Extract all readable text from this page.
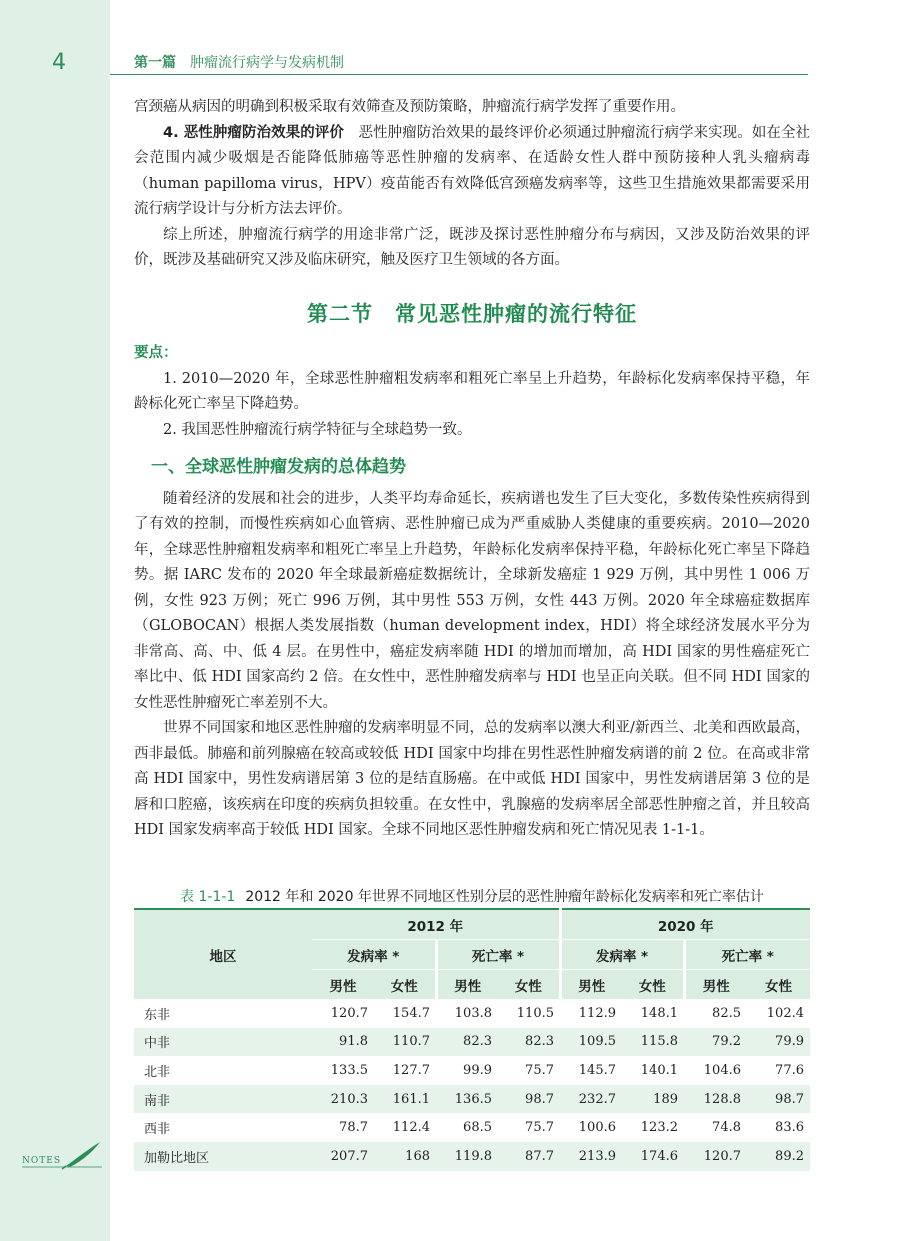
4	第一篇 肿瘤流行病学与发病机制

宫颈癌从病因的明确到积极采取有效筛查及预防策略，肿瘤流行病学发挥了重要作用。

4. 恶性肿瘤防治效果的评价　 恶性肿瘤防治效果的最终评价必须通过肿瘤流行病学来实现。如在全社会范围内减少吸烟是否能降低肺癌等恶性肿瘤的发病率、在适龄女性人群中预防接种人乳头瘤病毒（human papilloma virus，HPV）疫苗能否有效降低宫颈癌发病率等，这些卫生措施效果都需要采用流行病学设计与分析方法去评价。

综上所述，肿瘤流行病学的用途非常广泛，既涉及探讨恶性肿瘤分布与病因，又涉及防治效果的评价，既涉及基础研究又涉及临床研究，触及医疗卫生领域的各方面。

第二节　常见恶性肿瘤的流行特征
要点：

1. 2010—2020 年，全球恶性肿瘤粗发病率和粗死亡率呈上升趋势，年龄标化发病率保持平稳，年龄标化死亡率呈下降趋势。

2. 我国恶性肿瘤流行病学特征与全球趋势一致。

一、全球恶性肿瘤发病的总体趋势

随着经济的发展和社会的进步，人类平均寿命延长，疾病谱也发生了巨大变化，多数传染性疾病得到了有效的控制，而慢性疾病如心血管病、恶性肿瘤已成为严重威胁人类健康的重要疾病。2010—2020 年，全球恶性肿瘤粗发病率和粗死亡率呈上升趋势，年龄标化发病率保持平稳，年龄标化死亡率呈下降趋势。据 IARC 发布的 2020 年全球最新癌症数据统计，全球新发癌症 1 929 万例，其中男性 1 006 万例，女性 923 万例；死亡 996 万例，其中男性 553 万例，女性 443 万例。2020 年全球癌症数据库（GLOBOCAN）根据人类发展指数（human development index，HDI）将全球经济发展水平分为非常高、高、中、低 4 层。在男性中，癌症发病率随 HDI 的增加而增加，高 HDI 国家的男性癌症死亡率比中、低 HDI 国家高约 2 倍。在女性中，恶性肿瘤发病率与 HDI 也呈正向关联。但不同 HDI 国家的女性恶性肿瘤死亡率差别不大。

世界不同国家和地区恶性肿瘤的发病率明显不同，总的发病率以澳大利亚/新西兰、北美和西欧最高，西非最低。肺癌和前列腺癌在较高或较低 HDI 国家中均排在男性恶性肿瘤发病谱的前 2 位。在高或非常高 HDI 国家中，男性发病谱居第 3 位的是结直肠癌。在中或低 HDI 国家中，男性发病谱居第 3 位的是唇和口腔癌，该疾病在印度的疾病负担较重。在女性中，乳腺癌的发病率居全部恶性肿瘤之首，并且较高 HDI 国家发病率高于较低 HDI 国家。全球不同地区恶性肿瘤发病和死亡情况见表 1-1-1。

表 1-1-1 2012 年和 2020 年世界不同地区性别分层的恶性肿瘤年龄标化发病率和死亡率估计
地区	2012 年				2020 年			
	发病率 *		死亡率 *		发病率 *		死亡率 *	
	男性	女性	男性	女性	男性	女性	男性	女性
东非	120.7	154.7	103.8	110.5	112.9	148.1	82.5	102.4
中非	91.8	110.7	82.3	82.3	109.5	115.8	79.2	79.9
北非	133.5	127.7	99.9	75.7	145.7	140.1	104.6	77.6
南非	210.3	161.1	136.5	98.7	232.7	189	128.8	98.7
西非	78.7	112.4	68.5	75.7	100.6	123.2	74.8	83.6
加勒比地区	207.7	168	119.8	87.7	213.9	174.6	120.7	89.2
NOTES
